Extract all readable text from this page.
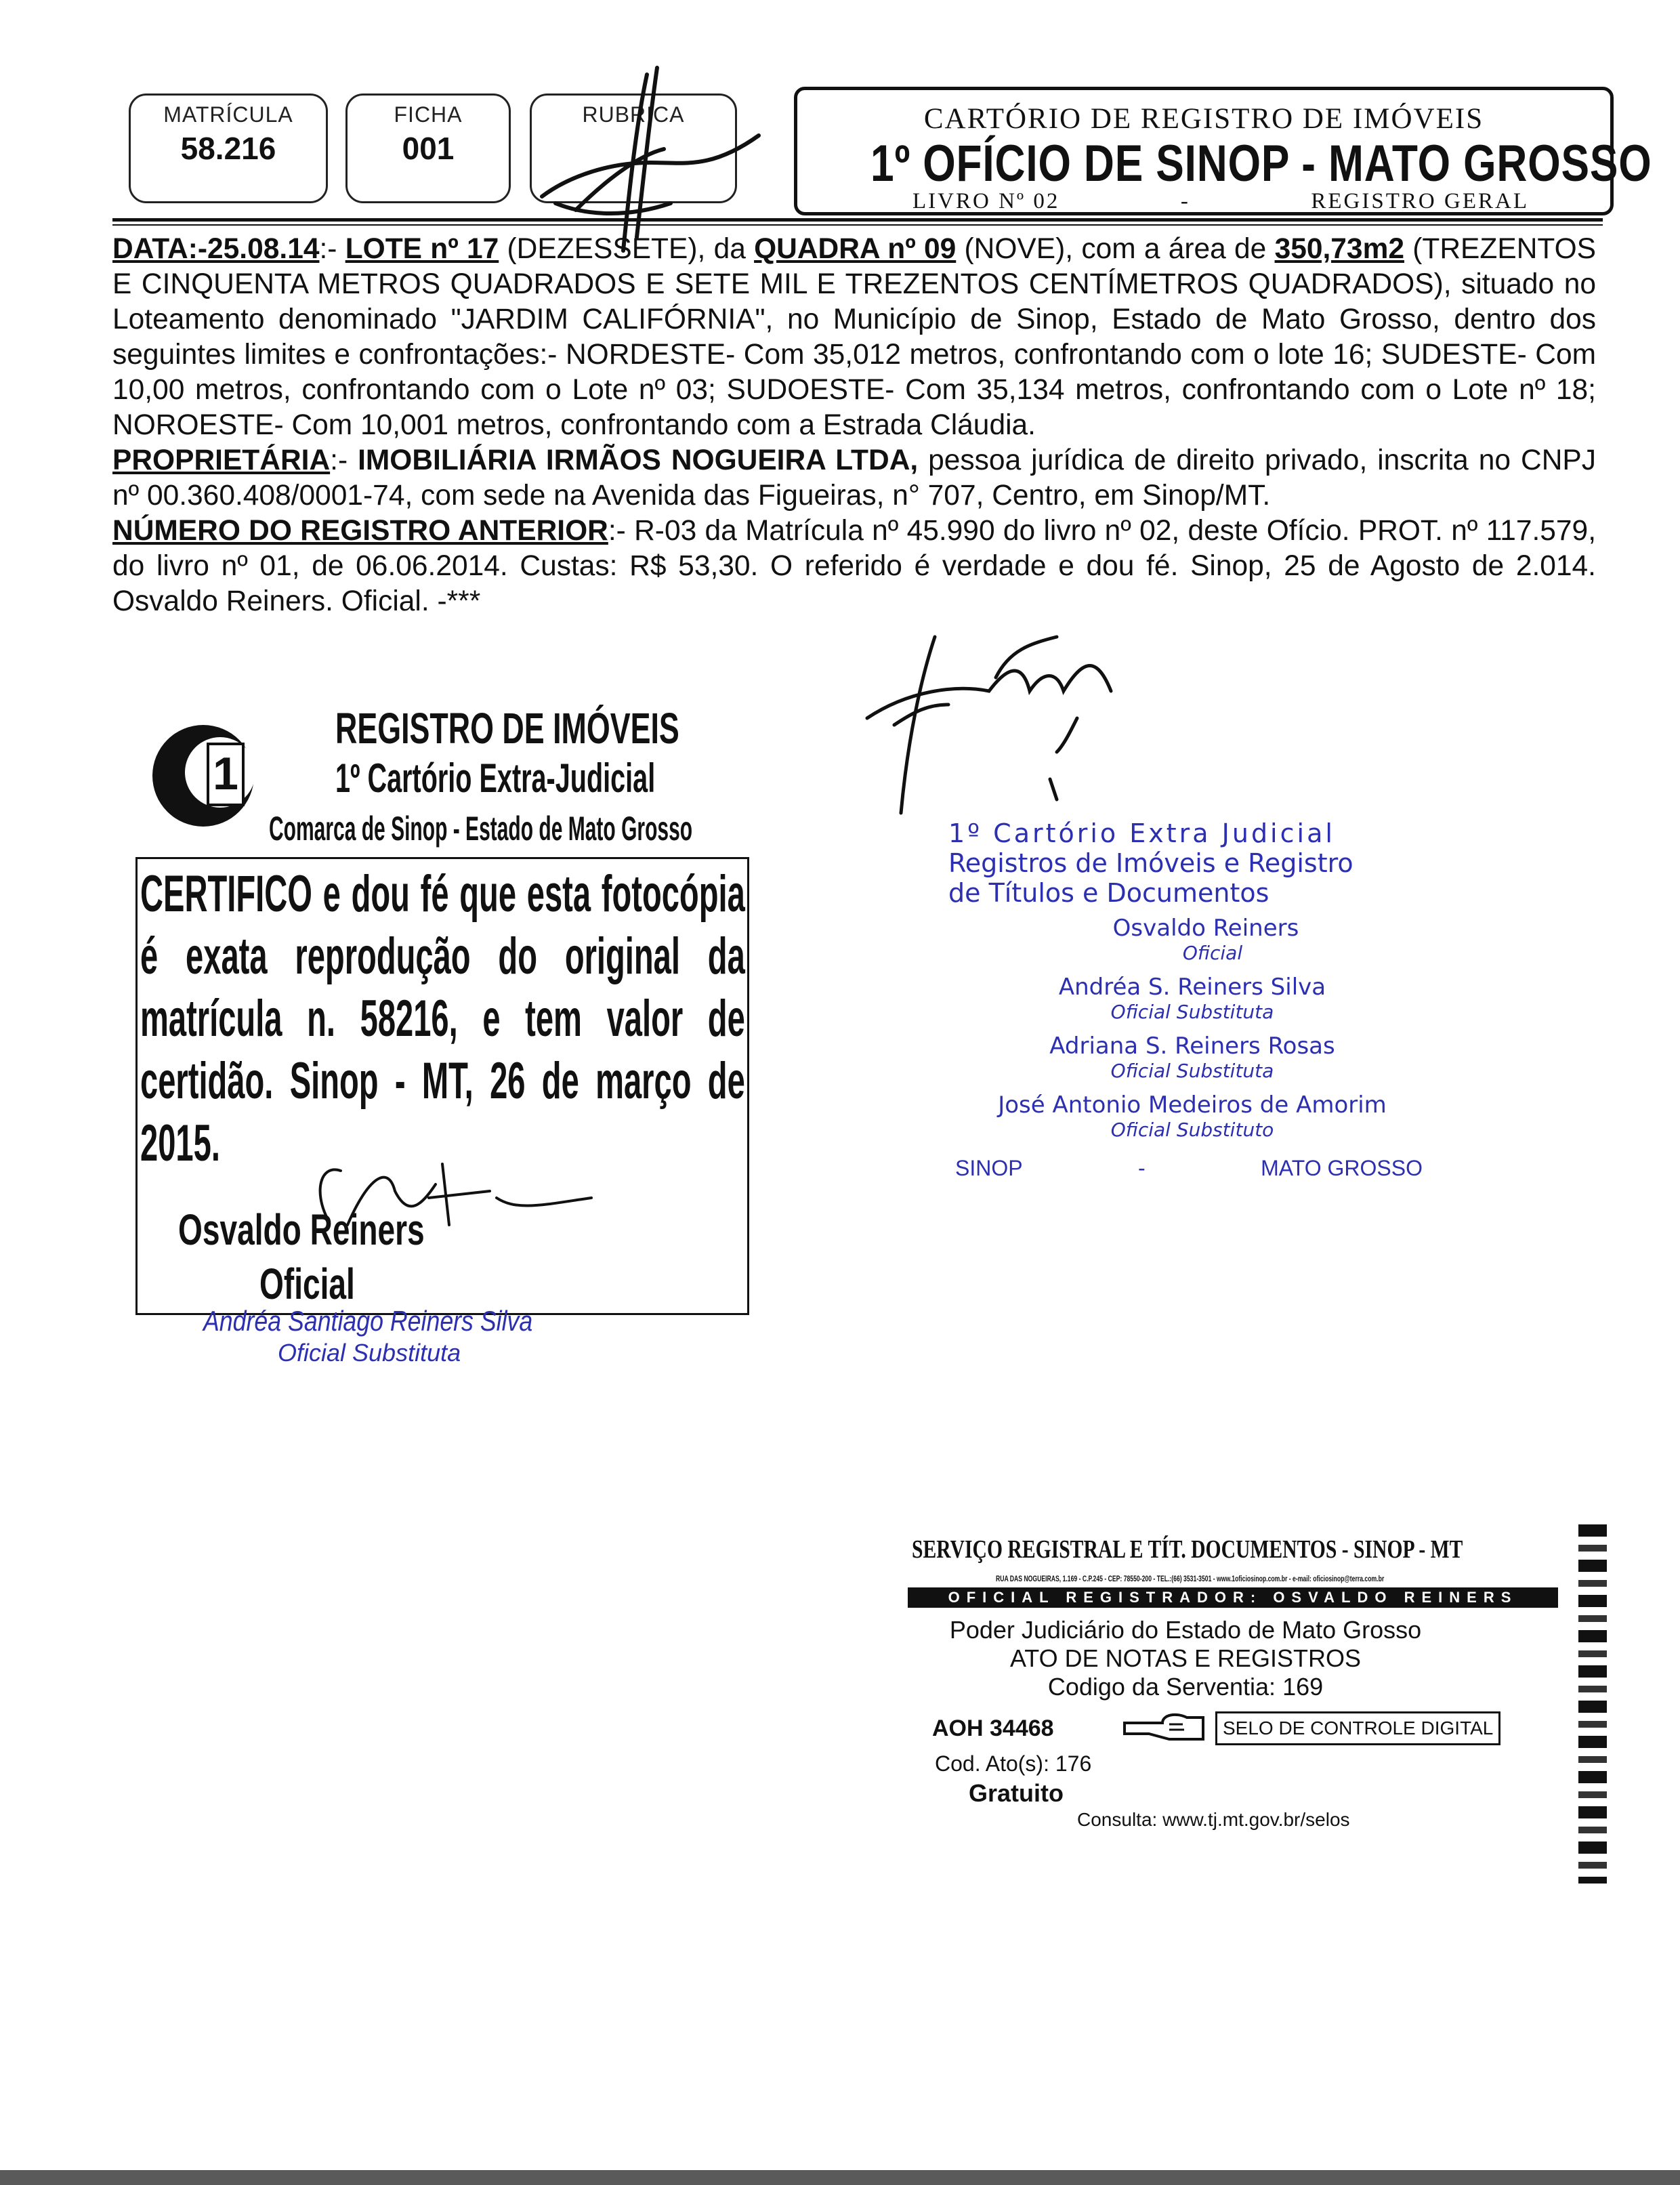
MATRÍCULA
58.216
FICHA
001
RUBRICA	CARTÓRIO DE REGISTRO DE IMÓVEIS
1º OFÍCIO DE SINOP - MATO GROSSO
LIVRO Nº 02	-	REGISTRO GERAL

DATA:-25.08.14:- LOTE nº 17 (DEZESSETE), da QUADRA nº 09 (NOVE), com a área de 350,73m2 (TREZENTOS E CINQUENTA METROS QUADRADOS E SETE MIL E TREZENTOS CENTÍMETROS QUADRADOS), situado no Loteamento denominado "JARDIM CALIFÓRNIA", no Município de Sinop, Estado de Mato Grosso, dentro dos seguintes limites e confrontações:- NORDESTE- Com 35,012 metros, confrontando com o lote 16; SUDESTE- Com 10,00 metros, confrontando com o Lote nº 03; SUDOESTE- Com 35,134 metros, confrontando com o Lote nº 18; NOROESTE- Com 10,001 metros, confrontando com a Estrada Cláudia.

PROPRIETÁRIA:- IMOBILIÁRIA IRMÃOS NOGUEIRA LTDA, pessoa jurídica de direito privado, inscrita no CNPJ nº 00.360.408/0001-74, com sede na Avenida das Figueiras, n° 707, Centro, em Sinop/MT.

NÚMERO DO REGISTRO ANTERIOR:- R-03 da Matrícula nº 45.990 do livro nº 02, deste Ofício. PROT. nº 117.579, do livro nº 01, de 06.06.2014. Custas: R$ 53,30. O referido é verdade e dou fé. Sinop, 25 de Agosto de 2.014. Osvaldo Reiners. Oficial. -***

1
REGISTRO DE IMÓVEIS
1º Cartório Extra-Judicial
Comarca de Sinop - Estado de Mato Grosso
CERTIFICO e dou fé que esta fotocópia é exata reprodução do original da matrícula n. 58216, e tem valor de certidão. Sinop - MT, 26 de março de 2015.
Osvaldo Reiners
Oficial
Andréa Santiago Reiners Silva
Oficial Substituta
1º Cartório Extra Judicial
Registros de Imóveis e Registro
de Títulos e Documentos
Osvaldo Reiners
Oficial
Andréa S. Reiners Silva
Oficial Substituta
Adriana S. Reiners Rosas
Oficial Substituta
José Antonio Medeiros de Amorim
Oficial Substituto
SINOP	-	MATO GROSSO
SERVIÇO REGISTRAL E TÍT. DOCUMENTOS - SINOP - MT
RUA DAS NOGUEIRAS, 1.169 - C.P.245 - CEP: 78550-200 - TEL.:(66) 3531-3501 - www.1oficiosinop.com.br - e-mail: oficiosinop@terra.com.br
OFICIAL REGISTRADOR: OSVALDO REINERS
Poder Judiciário do Estado de Mato Grosso
ATO DE NOTAS E REGISTROS
Codigo da Serventia: 169
AOH 34468	SELO DE CONTROLE DIGITAL
Cod. Ato(s): 176
Gratuito
Consulta: www.tj.mt.gov.br/selos
